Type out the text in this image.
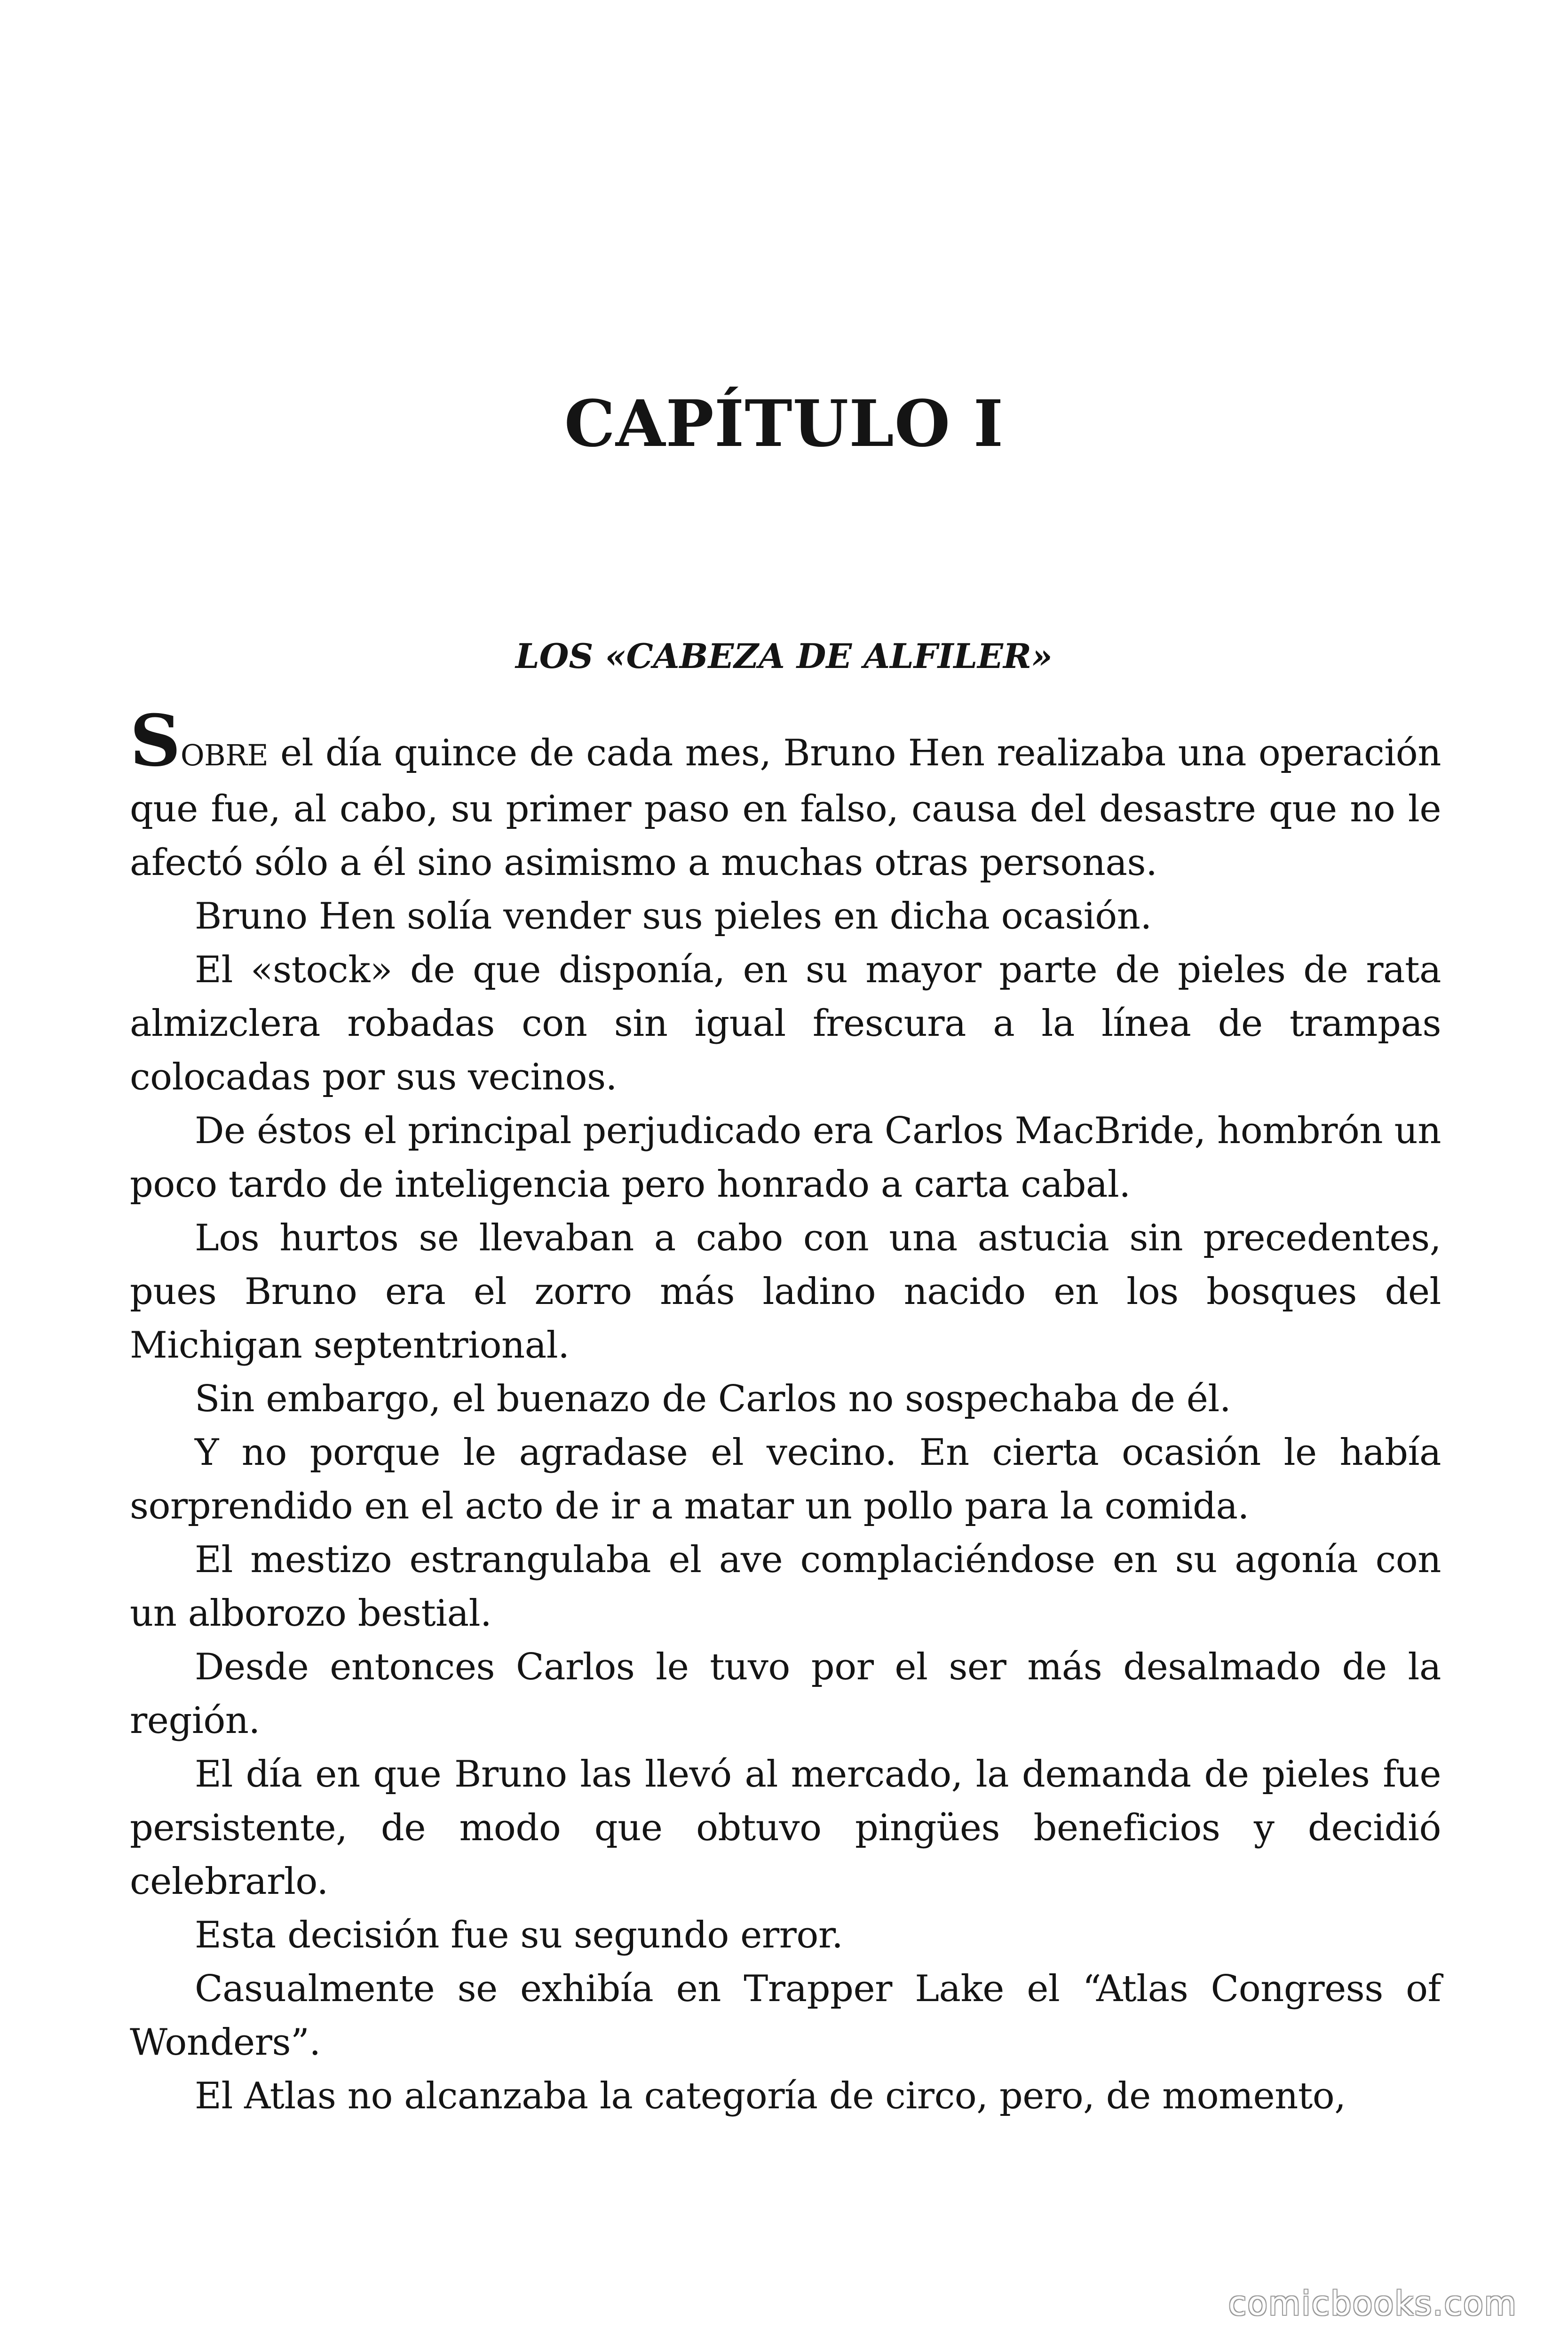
CAPÍTULO I
LOS «CABEZA DE ALFILER»

SOBRE el día quince de cada mes, Bruno Hen realizaba una operación que fue, al cabo, su primer paso en falso, causa del desastre que no le afectó sólo a él sino asimismo a muchas otras personas.

Bruno Hen solía vender sus pieles en dicha ocasión.

El «stock» de que disponía, en su mayor parte de pieles de rata almizclera robadas con sin igual frescura a la línea de trampas colocadas por sus vecinos.

De éstos el principal perjudicado era Carlos MacBride, hombrón un poco tardo de inteligencia pero honrado a carta cabal.

Los hurtos se llevaban a cabo con una astucia sin precedentes, pues Bruno era el zorro más ladino nacido en los bosques del Michigan septentrional.

Sin embargo, el buenazo de Carlos no sospechaba de él.

Y no porque le agradase el vecino. En cierta ocasión le había sorprendido en el acto de ir a matar un pollo para la comida.

El mestizo estrangulaba el ave complaciéndose en su agonía con un alborozo bestial.

Desde entonces Carlos le tuvo por el ser más desalmado de la región.

El día en que Bruno las llevó al mercado, la demanda de pieles fue persistente, de modo que obtuvo pingües beneficios y decidió celebrarlo.

Esta decisión fue su segundo error.

Casualmente se exhibía en Trapper Lake el “Atlas Congress of Wonders”.

El Atlas no alcanzaba la categoría de circo, pero, de momento,

comicbooks.com
